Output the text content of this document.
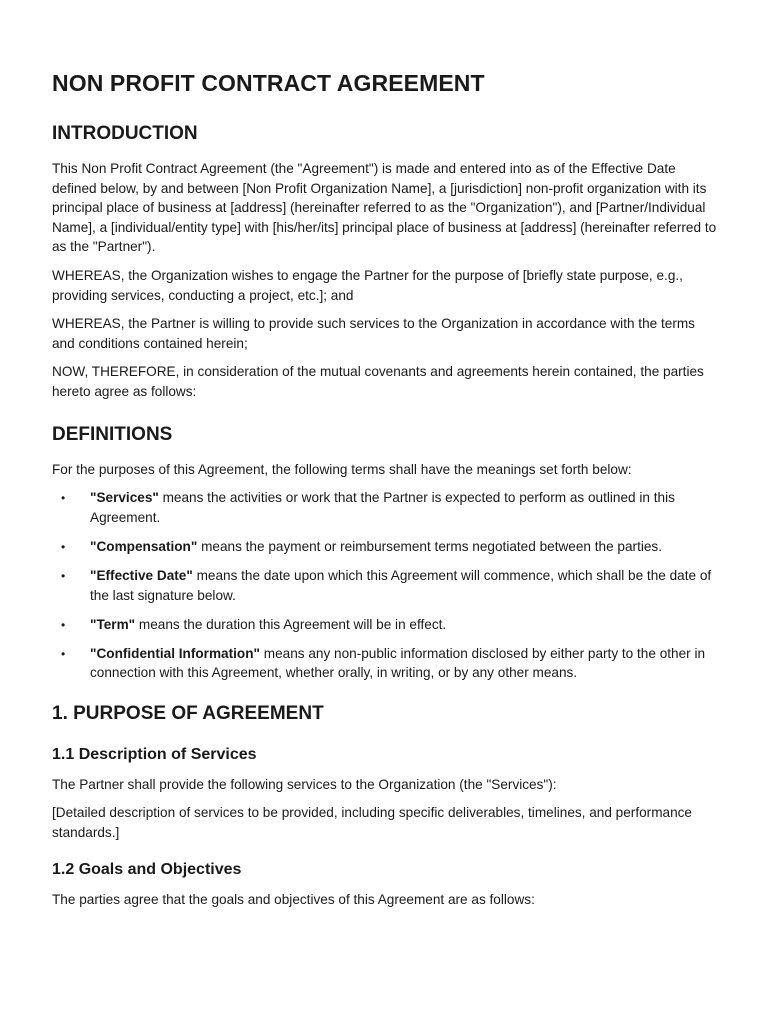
NON PROFIT CONTRACT AGREEMENT
INTRODUCTION

This Non Profit Contract Agreement (the "Agreement") is made and entered into as of the Effective Date defined below, by and between [Non Profit Organization Name], a [jurisdiction] non-profit organization with its principal place of business at [address] (hereinafter referred to as the "Organization"), and [Partner/Individual Name], a [individual/entity type] with [his/her/its] principal place of business at [address] (hereinafter referred to as the "Partner").

WHEREAS, the Organization wishes to engage the Partner for the purpose of [briefly state purpose, e.g., providing services, conducting a project, etc.]; and

WHEREAS, the Partner is willing to provide such services to the Organization in accordance with the terms and conditions contained herein;

NOW, THEREFORE, in consideration of the mutual covenants and agreements herein contained, the parties hereto agree as follows:

DEFINITIONS

For the purposes of this Agreement, the following terms shall have the meanings set forth below:

• "Services" means the activities or work that the Partner is expected to perform as outlined in this Agreement.
• "Compensation" means the payment or reimbursement terms negotiated between the parties.
• "Effective Date" means the date upon which this Agreement will commence, which shall be the date of the last signature below.
• "Term" means the duration this Agreement will be in effect.
• "Confidential Information" means any non-public information disclosed by either party to the other in connection with this Agreement, whether orally, in writing, or by any other means.
1. PURPOSE OF AGREEMENT
1.1 Description of Services

The Partner shall provide the following services to the Organization (the "Services"):

[Detailed description of services to be provided, including specific deliverables, timelines, and performance standards.]

1.2 Goals and Objectives

The parties agree that the goals and objectives of this Agreement are as follows:
